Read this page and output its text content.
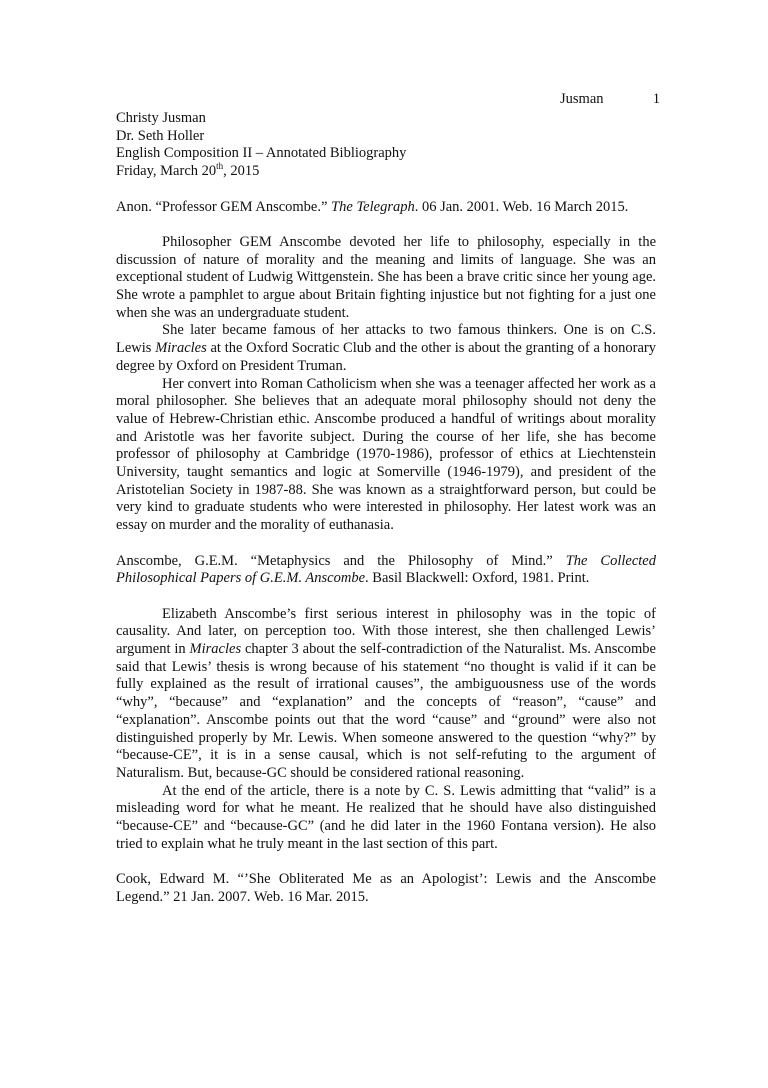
Jusman	1
Christy Jusman
Dr. Seth Holler
English Composition II – Annotated Bibliography
Friday, March 20th, 2015
Anon. “Professor GEM Anscombe.” The Telegraph. 06 Jan. 2001. Web. 16 March 2015.
Philosopher GEM Anscombe devoted her life to philosophy, especially in the discussion of nature of morality and the meaning and limits of language. She was an exceptional student of Ludwig Wittgenstein. She has been a brave critic since her young age. She wrote a pamphlet to argue about Britain fighting injustice but not fighting for a just one when she was an undergraduate student.
She later became famous of her attacks to two famous thinkers. One is on C.S. Lewis Miracles at the Oxford Socratic Club and the other is about the granting of a honorary degree by Oxford on President Truman.
Her convert into Roman Catholicism when she was a teenager affected her work as a moral philosopher. She believes that an adequate moral philosophy should not deny the value of Hebrew-Christian ethic. Anscombe produced a handful of writings about morality and Aristotle was her favorite subject. During the course of her life, she has become professor of philosophy at Cambridge (1970-1986), professor of ethics at Liechtenstein University, taught semantics and logic at Somerville (1946-1979), and president of the Aristotelian Society in 1987-88. She was known as a straightforward person, but could be very kind to graduate students who were interested in philosophy. Her latest work was an essay on murder and the morality of euthanasia.
Anscombe, G.E.M. “Metaphysics and the Philosophy of Mind.” The Collected Philosophical Papers of G.E.M. Anscombe. Basil Blackwell: Oxford, 1981. Print.
Elizabeth Anscombe’s first serious interest in philosophy was in the topic of causality. And later, on perception too. With those interest, she then challenged Lewis’ argument in Miracles chapter 3 about the self-contradiction of the Naturalist. Ms. Anscombe said that Lewis’ thesis is wrong because of his statement “no thought is valid if it can be fully explained as the result of irrational causes”, the ambiguousness use of the words “why”, “because” and “explanation” and the concepts of “reason”, “cause” and “explanation”. Anscombe points out that the word “cause” and “ground” were also not distinguished properly by Mr. Lewis. When someone answered to the question “why?” by “because-CE”, it is in a sense causal, which is not self-refuting to the argument of Naturalism. But, because-GC should be considered rational reasoning.
At the end of the article, there is a note by C. S. Lewis admitting that “valid” is a misleading word for what he meant. He realized that he should have also distinguished “because-CE” and “because-GC” (and he did later in the 1960 Fontana version). He also tried to explain what he truly meant in the last section of this part.
Cook, Edward M. “’She Obliterated Me as an Apologist’: Lewis and the Anscombe Legend.” 21 Jan. 2007. Web. 16 Mar. 2015.
